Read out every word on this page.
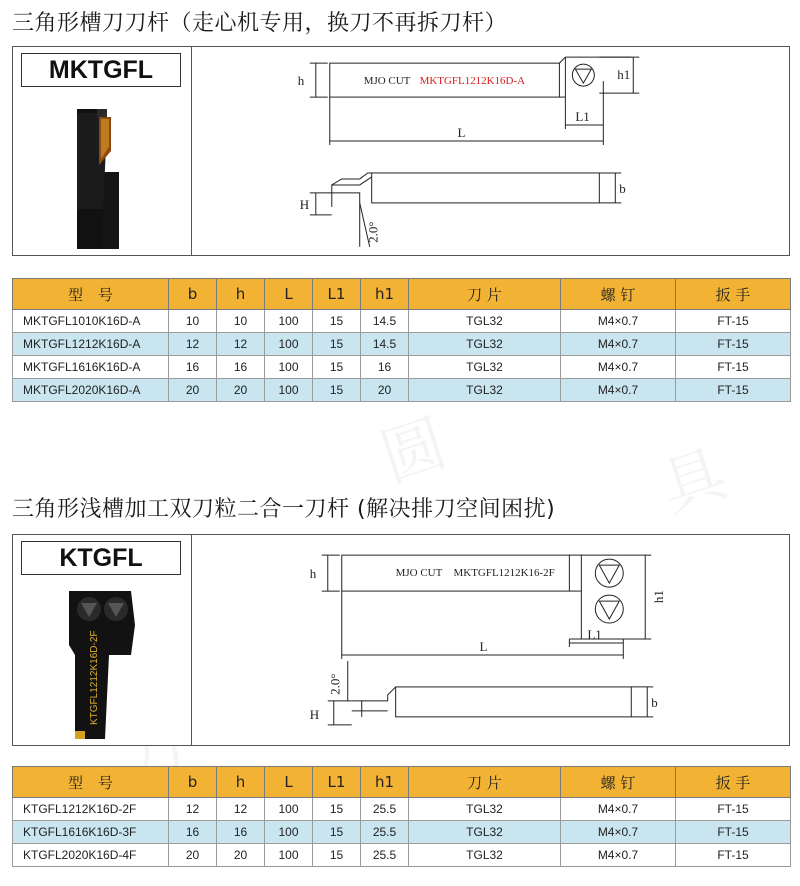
三角形槽刀刀杆（走心机专用，换刀不再拆刀杆）
MKTGFL	MJO CUT MKTGFL1212K16D-A
h	h1
L1
L
b
H
2.0°
型　号	b	h	L	L1	h1	刀 片	螺 钉	扳 手
MKTGFL1010K16D-A	10	10	100	15	14.5	TGL32	M4×0.7	FT-15
MKTGFL1212K16D-A	12	12	100	15	14.5	TGL32	M4×0.7	FT-15
MKTGFL1616K16D-A	16	16	100	15	16	TGL32	M4×0.7	FT-15
MKTGFL2020K16D-A	20	20	100	15	20	TGL32	M4×0.7	FT-15
三角形浅槽加工双刀粒二合一刀杆 (解决排刀空间困扰)
KTGFL
KTGFL1212K16D-2F
MJO CUT MKTGFL1212K16-2F
h
h1
L1
L
b
H
2.0°
型　号	b	h	L	L1	h1	刀 片	螺 钉	扳 手
KTGFL1212K16D-2F	12	12	100	15	25.5	TGL32	M4×0.7	FT-15
KTGFL1616K16D-3F	16	16	100	15	25.5	TGL32	M4×0.7	FT-15
KTGFL2020K16D-4F	20	20	100	15	25.5	TGL32	M4×0.7	FT-15
